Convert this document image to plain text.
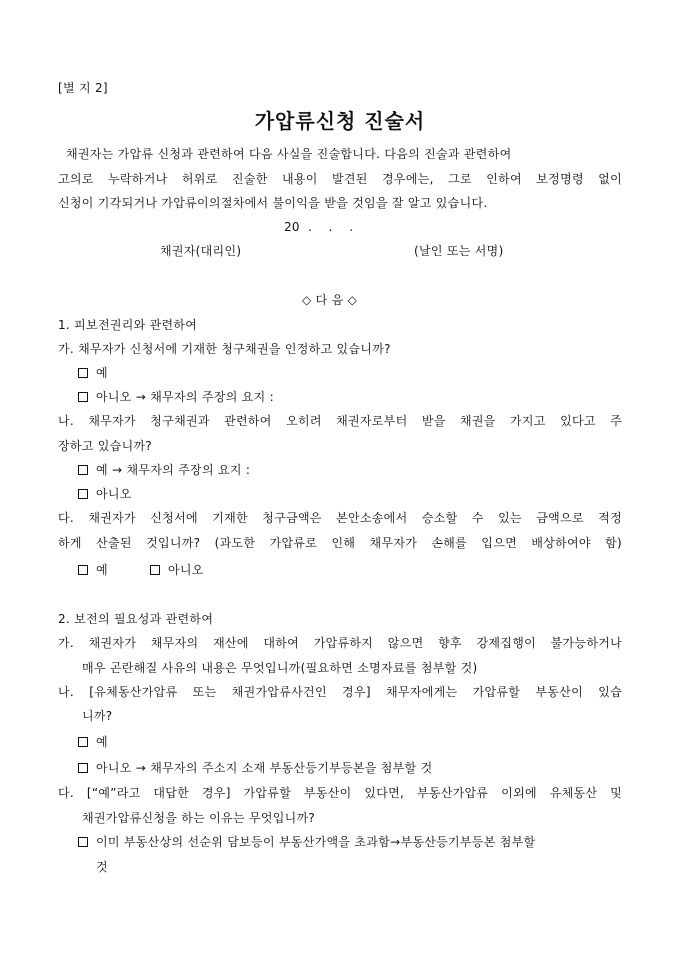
[별 지 2]
가압류신청 진술서
채권자는 가압류 신청과 관련하여 다음 사실을 진술합니다. 다음의 진술과 관련하여
고의로 누락하거나 허위로 진술한 내용이 발견된 경우에는, 그로 인하여 보정명령 없이
신청이 기각되거나 가압류이의절차에서 불이익을 받을 것임을 잘 알고 있습니다.
20  .    .    .
채권자(대리인)	(날인 또는 서명)
◇ 다 음 ◇
1. 피보전권리와 관련하여
가. 채무자가 신청서에 기재한 청구채권을 인정하고 있습니까?
예
아니오 → 채무자의 주장의 요지 :
나. 채무자가 청구채권과 관련하여 오히려 채권자로부터 받을 채권을 가지고 있다고 주
장하고 있습니까?
예 → 채무자의 주장의 요지 :
아니오
다. 채권자가 신청서에 기재한 청구금액은 본안소송에서 승소할 수 있는 금액으로 적정
하게 산출된 것입니까? (과도한 가압류로 인해 채무자가 손해를 입으면 배상하여야 함)
예	아니오
2. 보전의 필요성과 관련하여
가. 채권자가 채무자의 재산에 대하여 가압류하지 않으면 향후 강제집행이 불가능하거나
매우 곤란해질 사유의 내용은 무엇입니까(필요하면 소명자료를 첨부할 것)
나. [유체동산가압류 또는 채권가압류사건인 경우] 채무자에게는 가압류할 부동산이 있습
니까?
예
아니오 → 채무자의 주소지 소재 부동산등기부등본을 첨부할 것
다. [“예”라고 대답한 경우] 가압류할 부동산이 있다면, 부동산가압류 이외에 유체동산 및
채권가압류신청을 하는 이유는 무엇입니까?
이미 부동산상의 선순위 담보등이 부동산가액을 초과함→부동산등기부등본 첨부할
것
